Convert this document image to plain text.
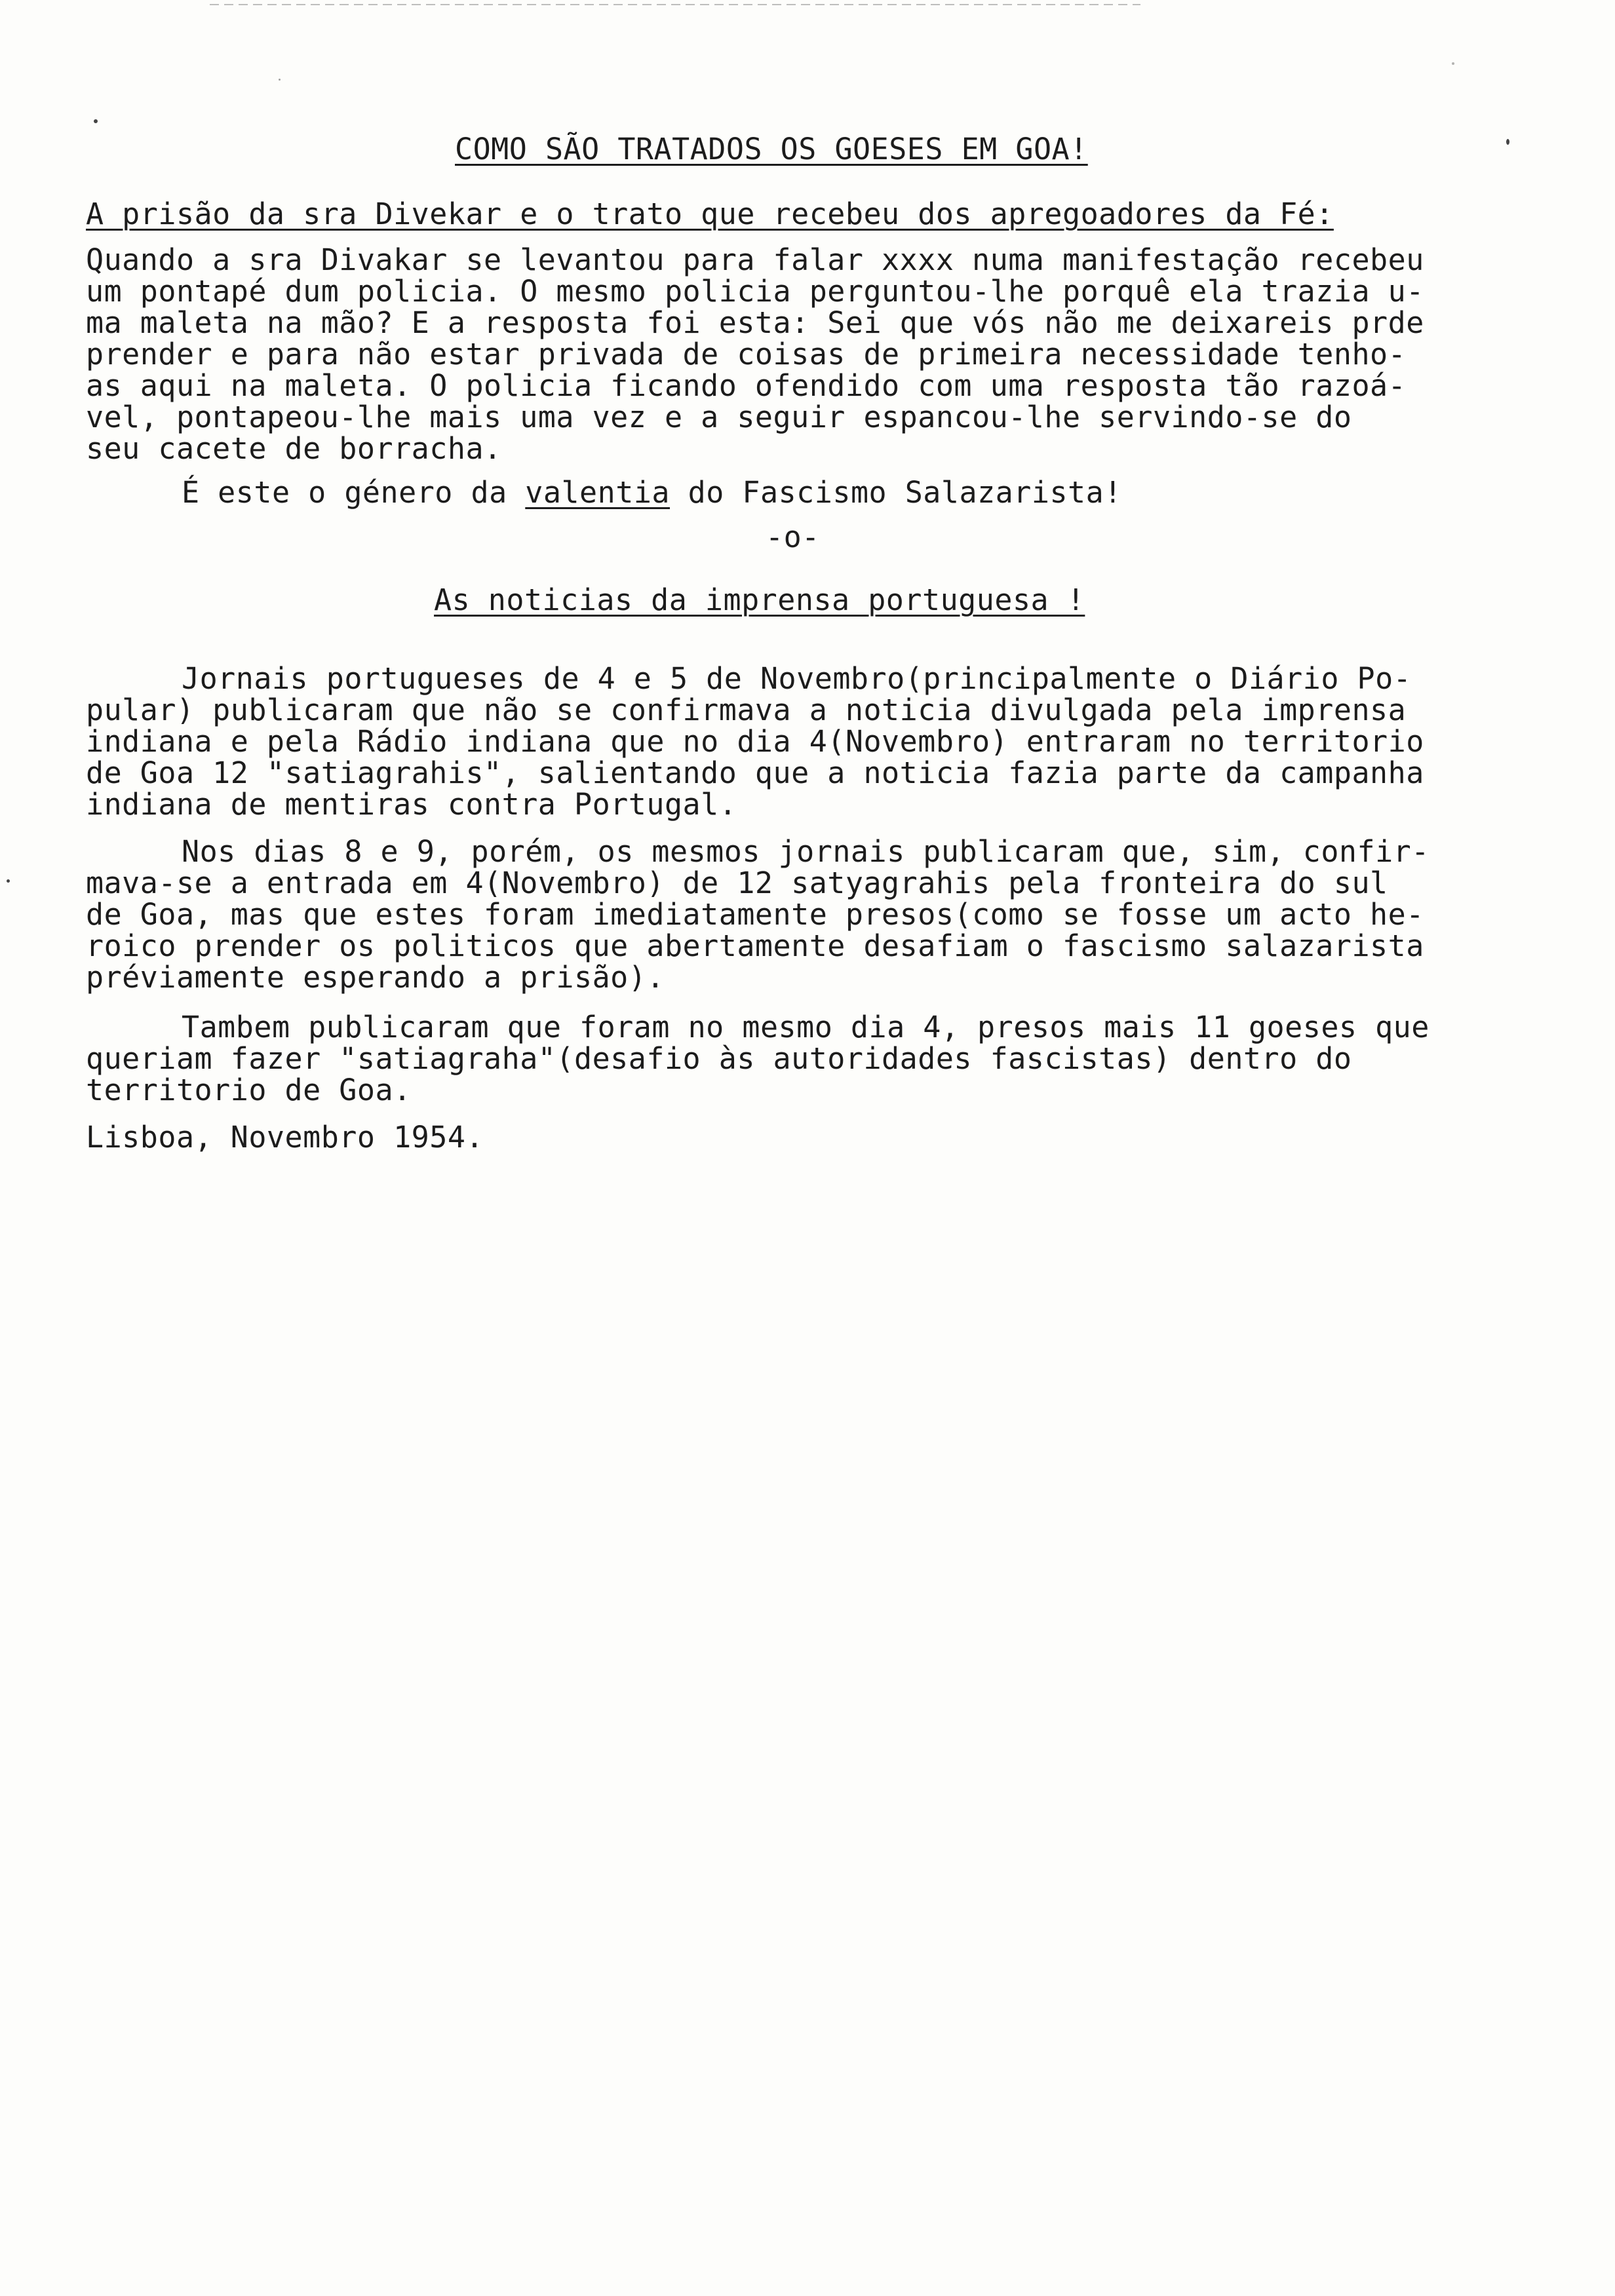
COMO SÃO TRATADOS OS GOESES EM GOA!
A prisão da sra Divekar e o trato que recebeu dos apregoadores da Fé:
Quando a sra Divakar se levantou para falar xxxx numa manifestação recebeu
um pontapé dum policia. O mesmo policia perguntou-lhe porquê ela trazia u-
ma maleta na mão? E a resposta foi esta: Sei que vós não me deixareis prde
prender e para não estar privada de coisas de primeira necessidade tenho-
as aqui na maleta. O policia ficando ofendido com uma resposta tão razoá-
vel, pontapeou-lhe mais uma vez e a seguir espancou-lhe servindo-se do
seu cacete de borracha.
É este o género da valentia do Fascismo Salazarista!
-o-
As noticias da imprensa portuguesa !
Jornais portugueses de 4 e 5 de Novembro(principalmente o Diário Po-
pular) publicaram que não se confirmava a noticia divulgada pela imprensa
indiana e pela Rádio indiana que no dia 4(Novembro) entraram no territorio
de Goa 12 "satiagrahis", salientando que a noticia fazia parte da campanha
indiana de mentiras contra Portugal.
Nos dias 8 e 9, porém, os mesmos jornais publicaram que, sim, confir-
mava-se a entrada em 4(Novembro) de 12 satyagrahis pela fronteira do sul
de Goa, mas que estes foram imediatamente presos(como se fosse um acto he-
roico prender os politicos que abertamente desafiam o fascismo salazarista
préviamente esperando a prisão).
Tambem publicaram que foram no mesmo dia 4, presos mais 11 goeses que
queriam fazer "satiagraha"(desafio às autoridades fascistas) dentro do
territorio de Goa.
Lisboa, Novembro 1954.
